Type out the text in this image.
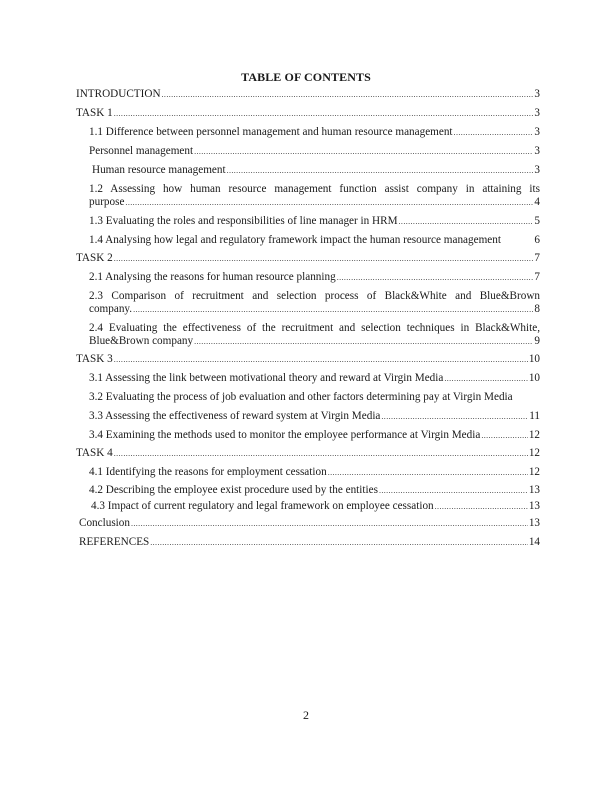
TABLE OF CONTENTS
INTRODUCTION .....	3
TASK 1 .....	3
1.1 Difference between personnel management and human resource management .....	3
Personnel management .....	3
Human resource management .....	3
1.2 Assessing how human resource management function assist company in attaining its
purpose .....	4
1.3 Evaluating the roles and responsibilities of line manager in HRM .....	5
1.4 Analysing how legal and regulatory framework impact the human resource management	6
TASK 2 .....	7
2.1 Analysing the reasons for human resource planning .....	7
2.3 Comparison of recruitment and selection process of Black&White and Blue&Brown
company. .....	8
2.4 Evaluating the effectiveness of the recruitment and selection techniques in Black&White,
Blue&Brown company .....	9
TASK 3 .....	10
3.1 Assessing the link between motivational theory and reward at Virgin Media .....	10
3.2 Evaluating the process of job evaluation and other factors determining pay at Virgin Media
3.3 Assessing the effectiveness of reward system at Virgin Media .....	11
3.4 Examining the methods used to monitor the employee performance at Virgin Media .....	12
TASK 4 .....	12
4.1 Identifying the reasons for employment cessation .....	12
4.2 Describing the employee exist procedure used by the entities .....	13
4.3 Impact of current regulatory and legal framework on employee cessation .....	13
Conclusion .....	13
REFERENCES .....	14
2
